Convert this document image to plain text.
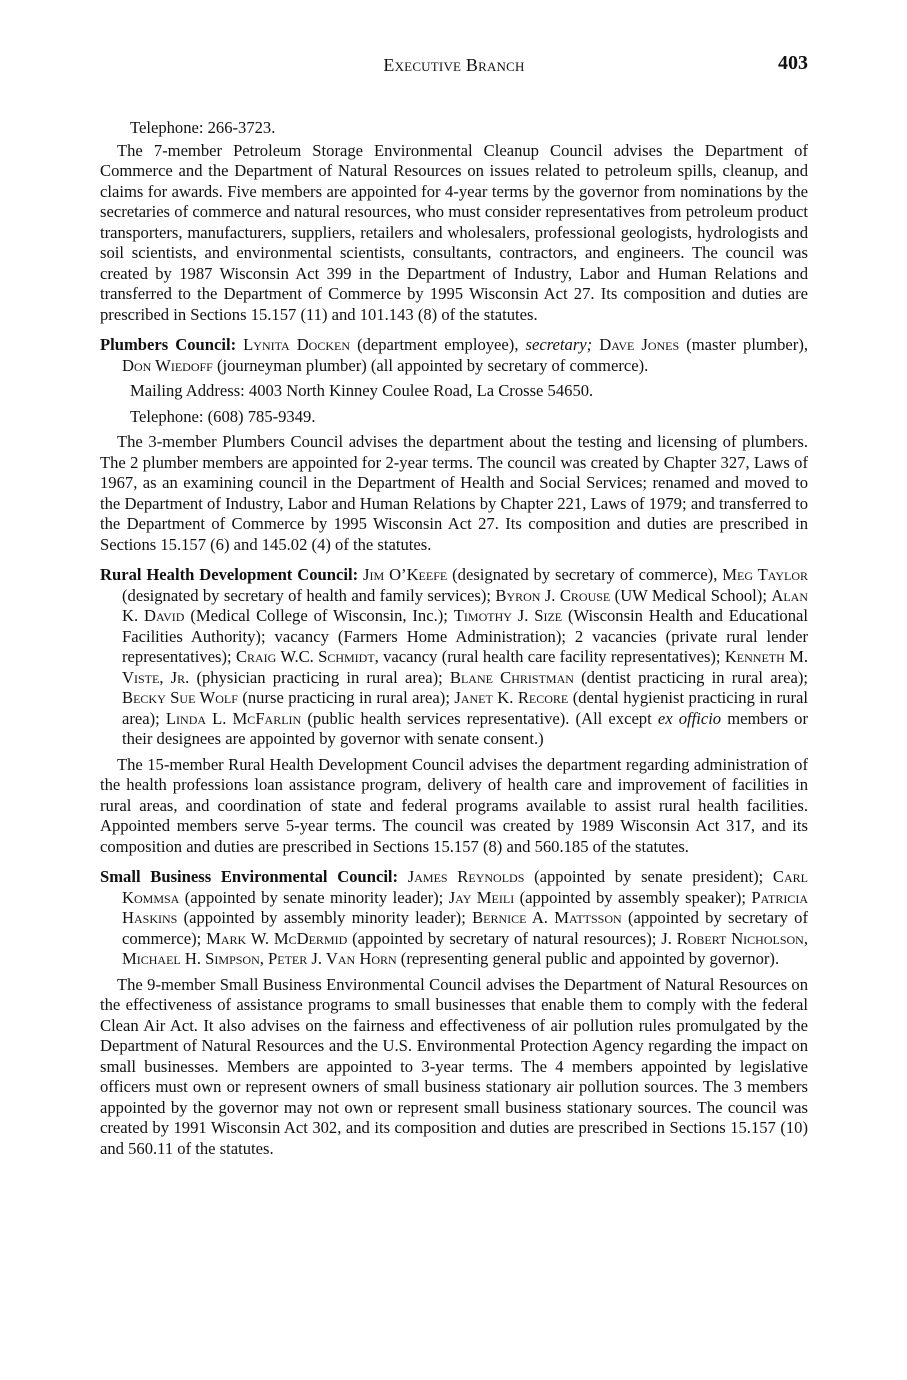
Executive Branch	403

Telephone: 266-3723.

The 7-member Petroleum Storage Environmental Cleanup Council advises the Department of Commerce and the Department of Natural Resources on issues related to petroleum spills, cleanup, and claims for awards. Five members are appointed for 4-year terms by the governor from nominations by the secretaries of commerce and natural resources, who must consider representatives from petroleum product transporters, manufacturers, suppliers, retailers and wholesalers, professional geologists, hydrologists and soil scientists, and environmental scientists, consultants, contractors, and engineers. The council was created by 1987 Wisconsin Act 399 in the Department of Industry, Labor and Human Relations and transferred to the Department of Commerce by 1995 Wisconsin Act 27. Its composition and duties are prescribed in Sections 15.157 (11) and 101.143 (8) of the statutes.

Plumbers Council: Lynita Docken (department employee), secretary; Dave Jones (master plumber), Don Wiedoff (journeyman plumber) (all appointed by secretary of commerce).

Mailing Address: 4003 North Kinney Coulee Road, La Crosse 54650.

Telephone: (608) 785-9349.

The 3-member Plumbers Council advises the department about the testing and licensing of plumbers. The 2 plumber members are appointed for 2-year terms. The council was created by Chapter 327, Laws of 1967, as an examining council in the Department of Health and Social Services; renamed and moved to the Department of Industry, Labor and Human Relations by Chapter 221, Laws of 1979; and transferred to the Department of Commerce by 1995 Wisconsin Act 27. Its composition and duties are prescribed in Sections 15.157 (6) and 145.02 (4) of the statutes.

Rural Health Development Council: Jim O’Keefe (designated by secretary of commerce), Meg Taylor (designated by secretary of health and family services); Byron J. Crouse (UW Medical School); Alan K. David (Medical College of Wisconsin, Inc.); Timothy J. Size (Wisconsin Health and Educational Facilities Authority); vacancy (Farmers Home Administration); 2 vacancies (private rural lender representatives); Craig W.C. Schmidt, vacancy (rural health care facility representatives); Kenneth M. Viste, Jr. (physician practicing in rural area); Blane Christman (dentist practicing in rural area); Becky Sue Wolf (nurse practicing in rural area); Janet K. Recore (dental hygienist practicing in rural area); Linda L. McFarlin (public health services representative). (All except ex officio members or their designees are appointed by governor with senate consent.)

The 15-member Rural Health Development Council advises the department regarding administration of the health professions loan assistance program, delivery of health care and improvement of facilities in rural areas, and coordination of state and federal programs available to assist rural health facilities. Appointed members serve 5-year terms. The council was created by 1989 Wisconsin Act 317, and its composition and duties are prescribed in Sections 15.157 (8) and 560.185 of the statutes.

Small Business Environmental Council: James Reynolds (appointed by senate president); Carl Kommsa (appointed by senate minority leader); Jay Meili (appointed by assembly speaker); Patricia Haskins (appointed by assembly minority leader); Bernice A. Mattsson (appointed by secretary of commerce); Mark W. McDermid (appointed by secretary of natural resources); J. Robert Nicholson, Michael H. Simpson, Peter J. Van Horn (representing general public and appointed by governor).

The 9-member Small Business Environmental Council advises the Department of Natural Resources on the effectiveness of assistance programs to small businesses that enable them to comply with the federal Clean Air Act. It also advises on the fairness and effectiveness of air pollution rules promulgated by the Department of Natural Resources and the U.S. Environmental Protection Agency regarding the impact on small businesses. Members are appointed to 3-year terms. The 4 members appointed by legislative officers must own or represent owners of small business stationary air pollution sources. The 3 members appointed by the governor may not own or represent small business stationary sources. The council was created by 1991 Wisconsin Act 302, and its composition and duties are prescribed in Sections 15.157 (10) and 560.11 of the statutes.
